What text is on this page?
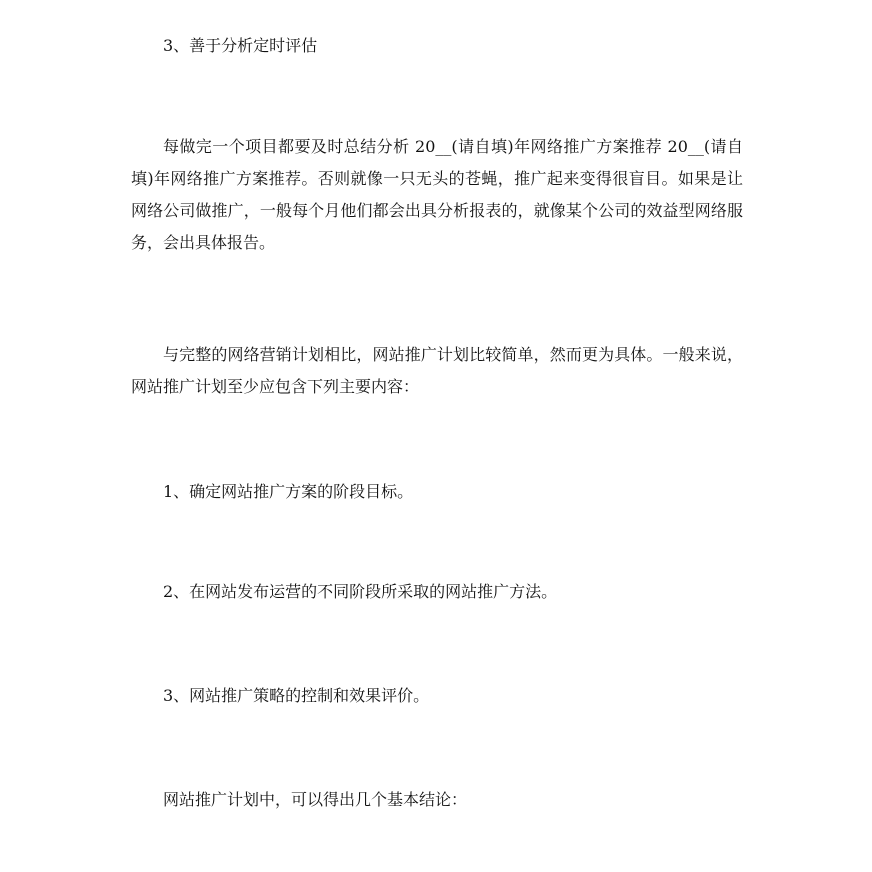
3、善于分析定时评估

每做完一个项目都要及时总结分析 20__(请自填)年网络推广方案推荐 20__(请自填)年网络推广方案推荐。否则就像一只无头的苍蝇，推广起来变得很盲目。如果是让网络公司做推广，一般每个月他们都会出具分析报表的，就像某个公司的效益型网络服务，会出具体报告。

与完整的网络营销计划相比，网站推广计划比较简单，然而更为具体。一般来说，网站推广计划至少应包含下列主要内容：

1、确定网站推广方案的阶段目标。

2、在网站发布运营的不同阶段所采取的网站推广方法。

3、网站推广策略的控制和效果评价。

网站推广计划中，可以得出几个基本结论：
